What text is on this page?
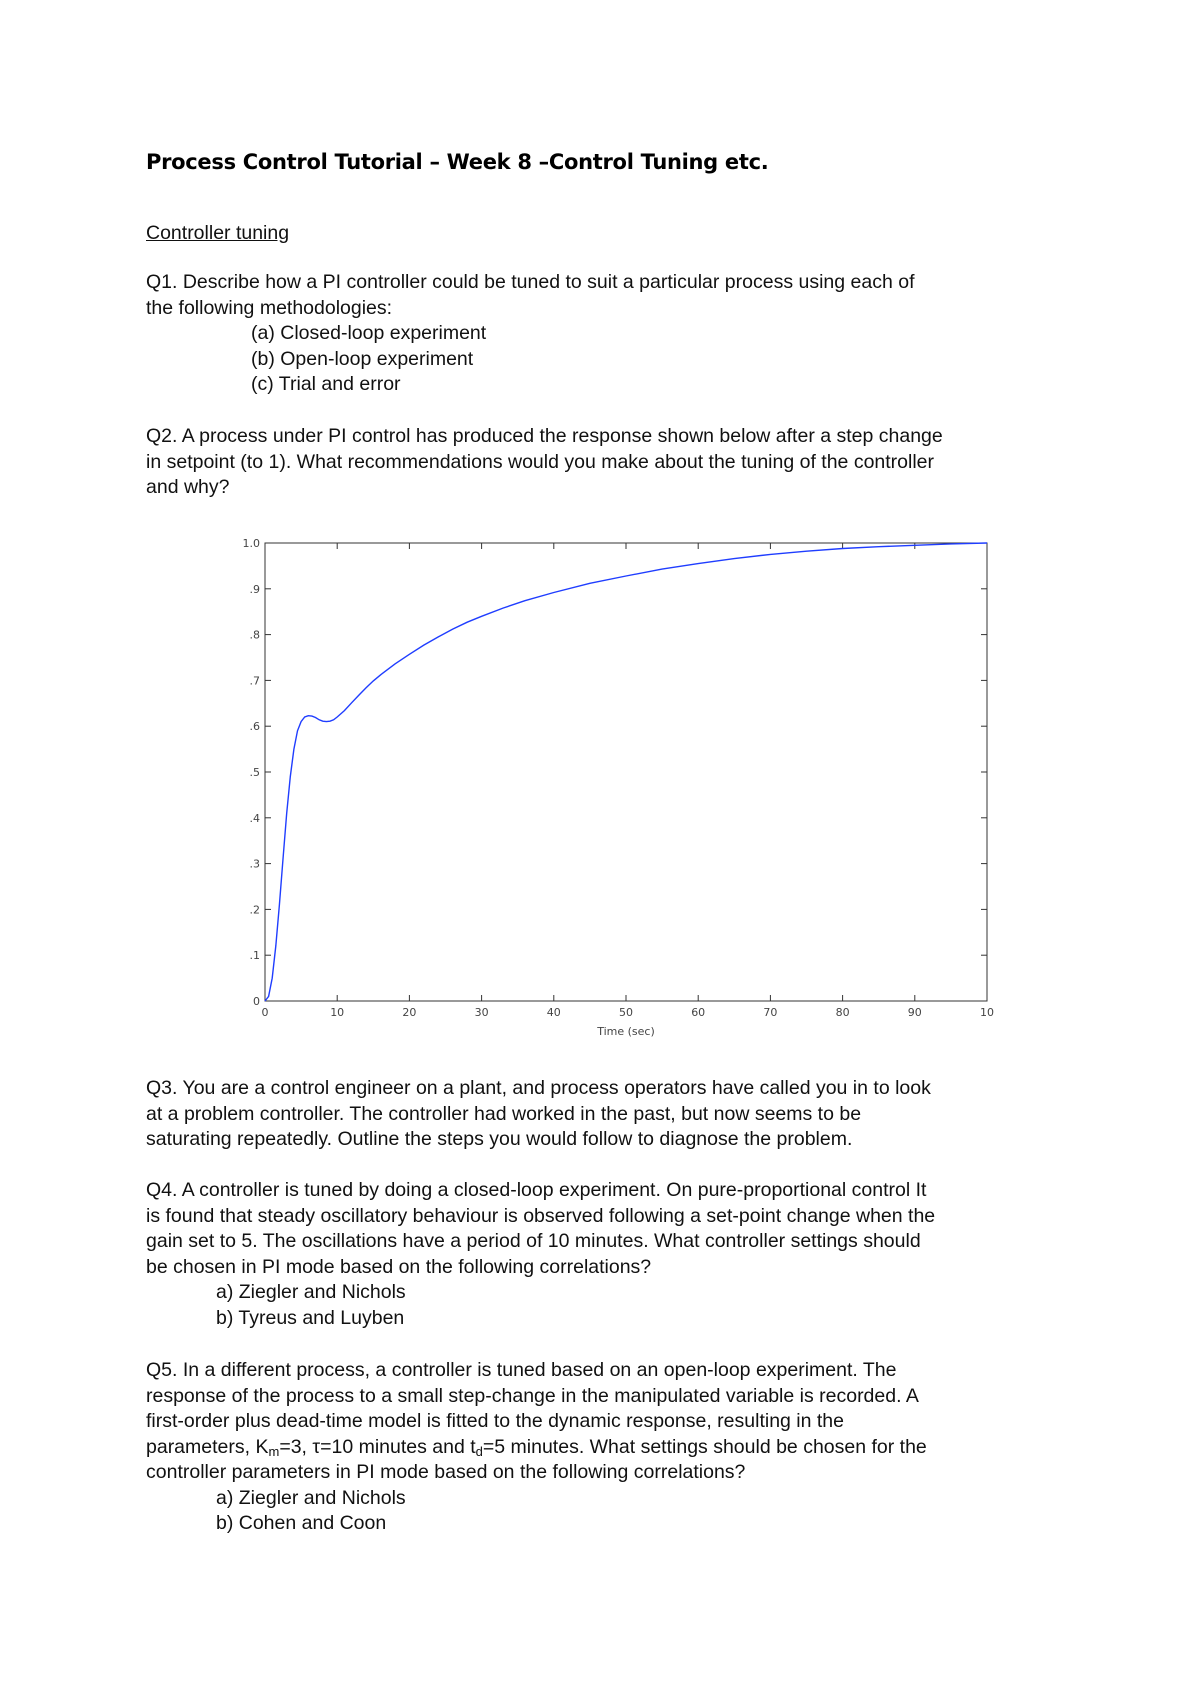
Process Control Tutorial – Week 8 –Control Tuning etc.
Controller tuning
Q1. Describe how a PI controller could be tuned to suit a particular process using each of
the following methodologies:
(a) Closed-loop experiment
(b) Open-loop experiment
(c) Trial and error
Q2. A process under PI control has produced the response shown below after a step change
in setpoint (to 1). What recommendations would you make about the tuning of the controller
and why?
0	10	20	30	40	50	60	70	80	90	10
0
.1
.2
.3
.4
.5
.6
.7
.8
.9
1.0
Time (sec)
Q3. You are a control engineer on a plant, and process operators have called you in to look
at a problem controller. The controller had worked in the past, but now seems to be
saturating repeatedly. Outline the steps you would follow to diagnose the problem.
Q4. A controller is tuned by doing a closed-loop experiment. On pure-proportional control It
is found that steady oscillatory behaviour is observed following a set-point change when the
gain set to 5. The oscillations have a period of 10 minutes. What controller settings should
be chosen in PI mode based on the following correlations?
a) Ziegler and Nichols
b) Tyreus and Luyben
Q5. In a different process, a controller is tuned based on an open-loop experiment. The
response of the process to a small step-change in the manipulated variable is recorded. A
first-order plus dead-time model is fitted to the dynamic response, resulting in the
parameters, $K_m=3$, τ=10 minutes and $t_d=5$ minutes. What settings should be chosen for the
controller parameters in PI mode based on the following correlations?
a) Ziegler and Nichols
b) Cohen and Coon
